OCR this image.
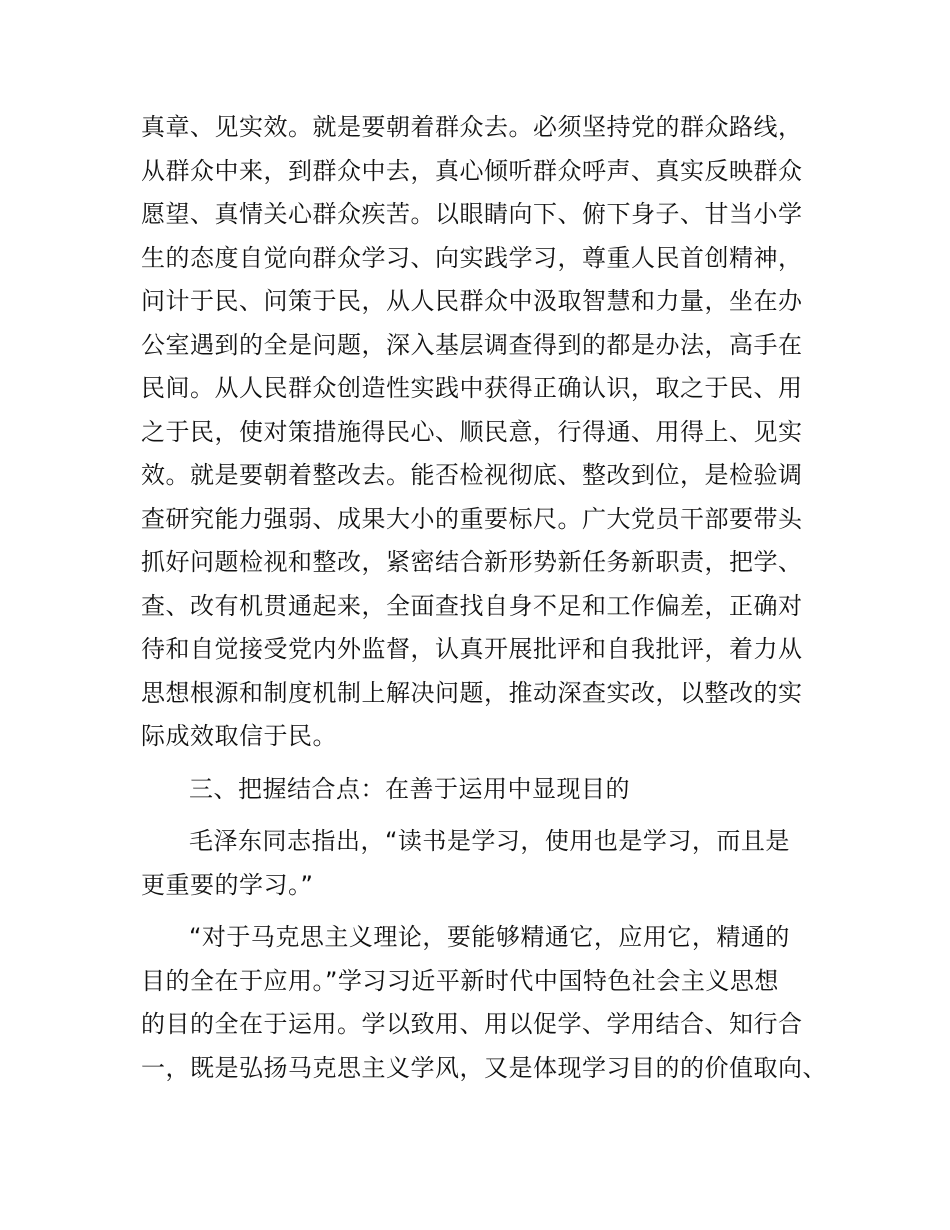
真章、见实效。就是要朝着群众去。必须坚持党的群众路线，
从群众中来，到群众中去，真心倾听群众呼声、真实反映群众
愿望、真情关心群众疾苦。以眼睛向下、俯下身子、甘当小学
生的态度自觉向群众学习、向实践学习，尊重人民首创精神，
问计于民、问策于民，从人民群众中汲取智慧和力量，坐在办
公室遇到的全是问题，深入基层调查得到的都是办法，高手在
民间。从人民群众创造性实践中获得正确认识，取之于民、用
之于民，使对策措施得民心、顺民意，行得通、用得上、见实
效。就是要朝着整改去。能否检视彻底、整改到位，是检验调
查研究能力强弱、成果大小的重要标尺。广大党员干部要带头
抓好问题检视和整改，紧密结合新形势新任务新职责，把学、
查、改有机贯通起来，全面查找自身不足和工作偏差，正确对
待和自觉接受党内外监督，认真开展批评和自我批评，着力从
思想根源和制度机制上解决问题，推动深查实改，以整改的实
际成效取信于民。
三、把握结合点：在善于运用中显现目的
毛泽东同志指出，“读书是学习，使用也是学习，而且是
更重要的学习。”
“对于马克思主义理论，要能够精通它，应用它，精通的
目的全在于应用。”学习习近平新时代中国特色社会主义思想
的目的全在于运用。学以致用、用以促学、学用结合、知行合
一，既是弘扬马克思主义学风，又是体现学习目的的价值取向、
